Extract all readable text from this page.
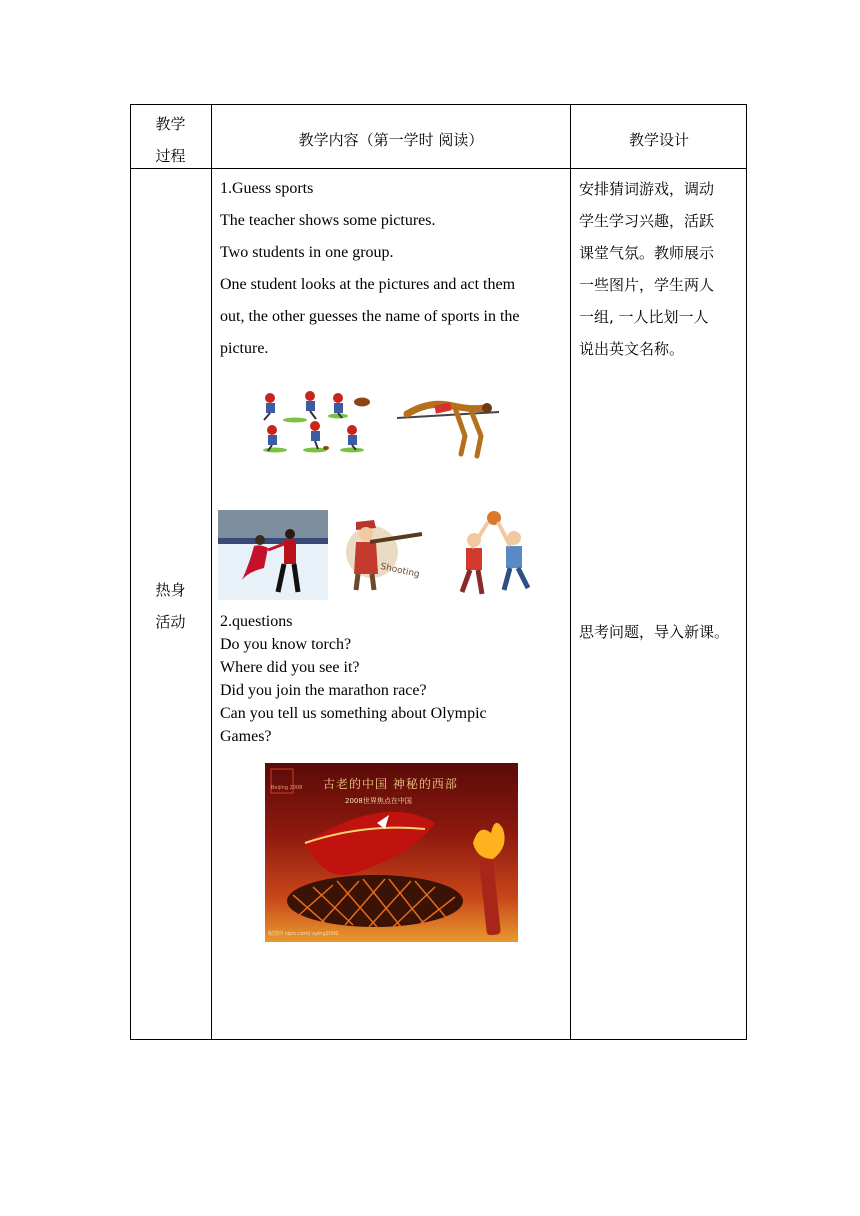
教学
过程
教学内容（第一学时 阅读）	教学设计
热身
活动
1.Guess sports
The teacher shows some pictures.
Two students in one group.
One student looks at the pictures and act them
out, the other guesses the name of sports in the
picture.
Shooting
2.questions
Do you know torch?
Where did you see it?
Did you join the marathon race?
Can you tell us something about Olympic
Games?
古老的中国 神秘的西部
2008世界焦点在中国
Beijing 2008
昵图网 nipic.com/ xying2000
安排猜词游戏，调动
学生学习兴趣，活跃
课堂气氛。教师展示
一些图片，学生两人
一组, 一人比划一人
说出英文名称。
思考问题，导入新课。
